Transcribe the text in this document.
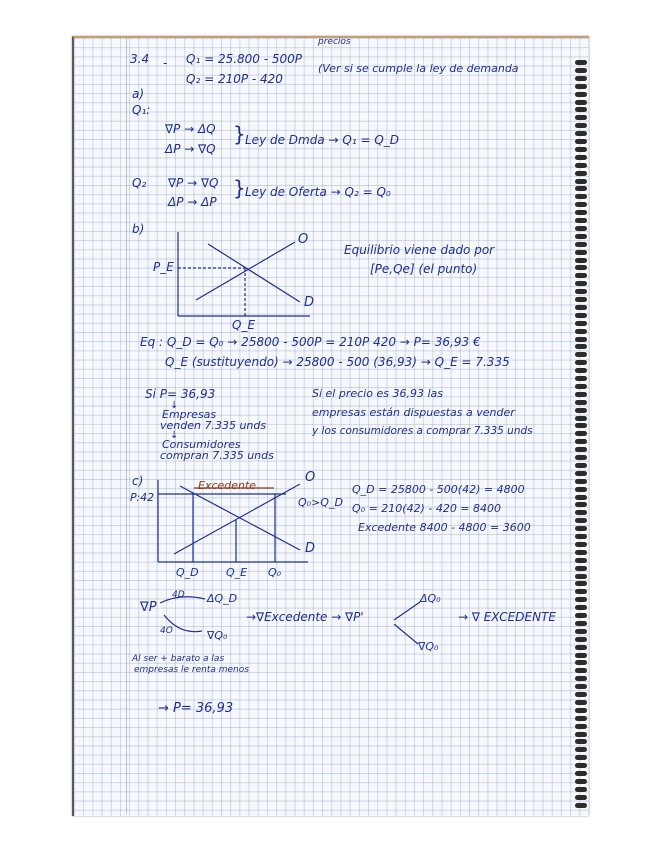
3.4 - Q₁ = 25.800 - 500P
Q₂ = 210P - 420
precios
(Ver si se cumple la ley de demanda
a)
Q₁:
∇P → ΔQ
ΔP → ∇Q
} Ley de Dmda → Q₁ = Q_D
Q₂ ∇P → ∇Q
ΔP → ΔP
} Ley de Oferta → Q₂ = Q₀
b)
P_E
Q_E
O
D
Equilibrio viene dado por
[Pe,Qe] (el punto)
Eq : Q_D = Q₀ → 25800 - 500P = 210P 420 → P= 36,93 €
Q_E (sustituyendo) → 25800 - 500 (36,93) → Q_E = 7.335
Si P= 36,93
↓
Empresas
venden 7.335 unds
↓
Consumidores
compran 7.335 unds
Si el precio es 36,93 las
empresas están dispuestas a vender
y los consumidores a comprar 7.335 unds
c)
P:42
Excedente
O
D
Q₀>Q_D
Q_D Q_E Q₀
Q_D = 25800 - 500(42) = 4800
Q₀ = 210(42) - 420 = 8400
Excedente 8400 - 4800 = 3600
∇P
4D ΔQ_D
4O	∇Q₀
→∇Excedente → ∇P'
ΔQ₀
∇Q₀
→ ∇ EXCEDENTE
Al ser + barato a las
empresas le renta menos
→ P= 36,93
